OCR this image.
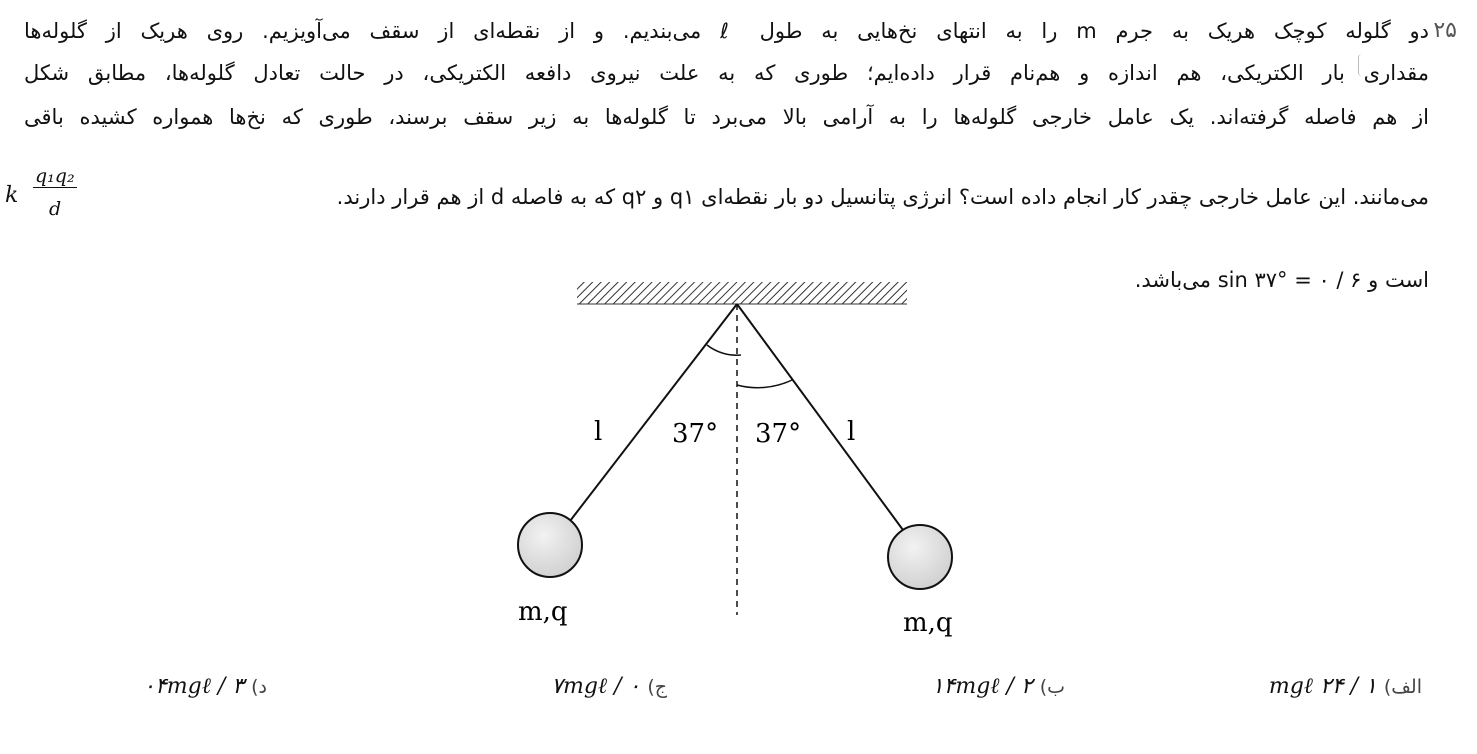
۲۵
دو گلوله کوچک هریک به جرم m را به انتهای نخ‌هایی به طول ℓ می‌بندیم. و از نقطه‌ای از سقف می‌آویزیم. روی هریک از گلوله‌ها
مقداری بار الکتریکی، هم اندازه و هم‌نام قرار داده‌ایم؛ طوری که به علت نیروی دافعه الکتریکی، در حالت تعادل گلوله‌ها، مطابق شکل
از هم فاصله گرفته‌اند. یک عامل خارجی گلوله‌ها را به آرامی بالا می‌برد تا گلوله‌ها به زیر سقف برسند، طوری که نخ‌ها همواره کشیده باقی
می‌مانند. این عامل خارجی چقدر کار انجام داده است؟ انرژی پتانسیل دو بار نقطه‌ای q۱ و q۲ که به فاصله d از هم قرار دارند.
است و sin ۳۷° = ۰ / ۶ می‌باشد.
k
q₁q₂
d
37° 37°
l	l
m,q	m,q
الف) ۱ / ۲۴ mgℓ
ب) ۲ / ۱۴mgℓ
ج) ۰ / ۷mgℓ
د) ۳ / ۰۴mgℓ
